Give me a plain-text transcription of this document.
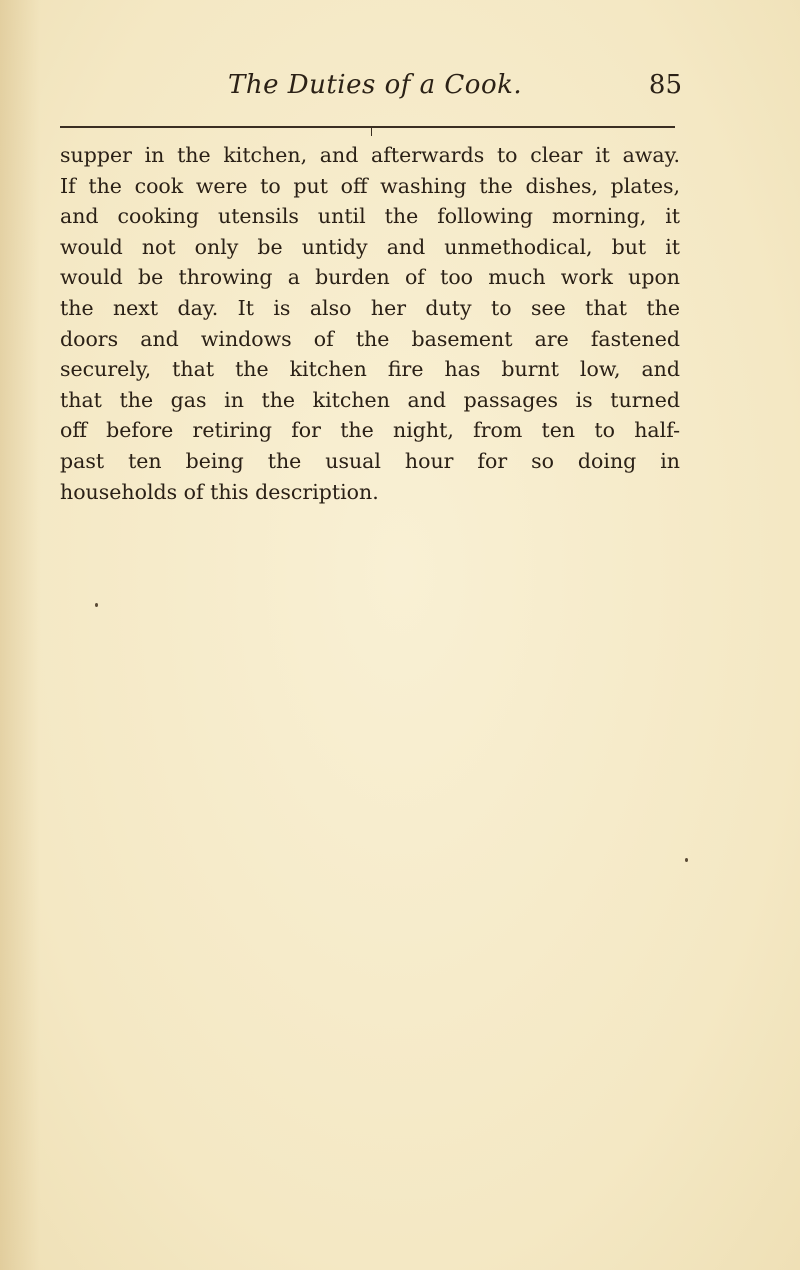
The Duties of a Cook.	85
supper in the kitchen, and afterwards to clear it away.
If the cook were to put off washing the dishes, plates,
and cooking utensils until the following morning, it
would not only be untidy and unmethodical, but it
would be throwing a burden of too much work upon
the next day. It is also her duty to see that the
doors and windows of the basement are fastened
securely, that the kitchen fire has burnt low, and
that the gas in the kitchen and passages is turned
off before retiring for the night, from ten to half-
past ten being the usual hour for so doing in
households of this description.
